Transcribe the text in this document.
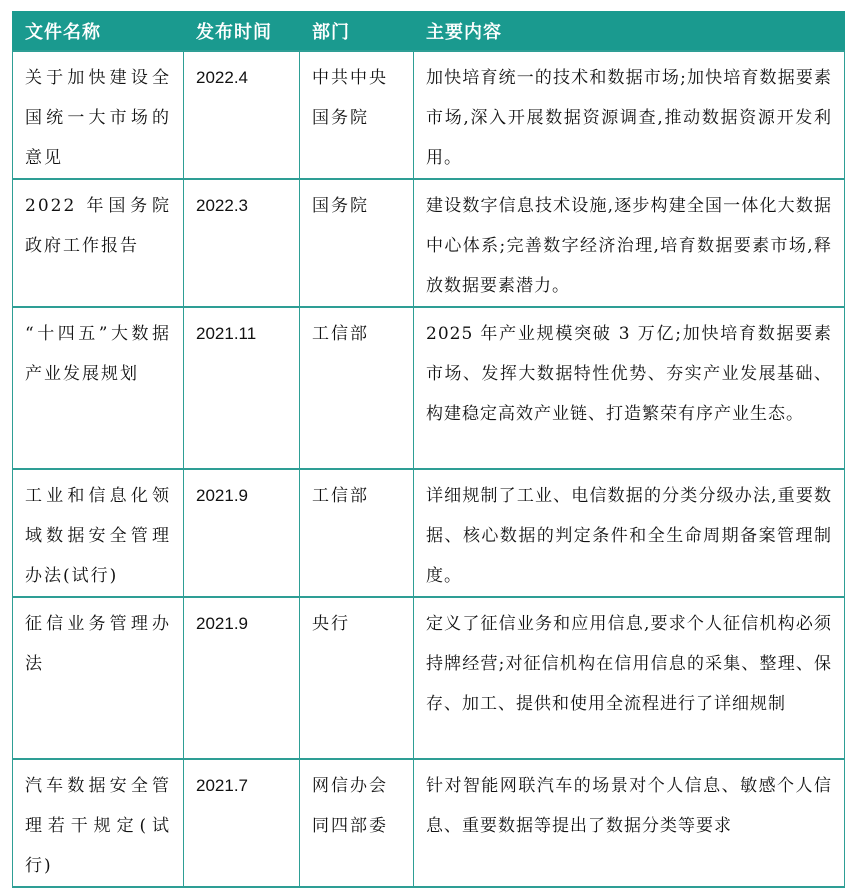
文件名称	发布时间	部门	主要内容
关于加快建设全国统一大市场的意见	2022.4	中共中央国务院	加快培育统一的技术和数据市场;加快培育数据要素市场,深入开展数据资源调查,推动数据资源开发利用。
2022 年国务院政府工作报告	2022.3	国务院	建设数字信息技术设施,逐步构建全国一体化大数据中心体系;完善数字经济治理,培育数据要素市场,释放数据要素潜力。
“十四五”大数据产业发展规划	2021.11	工信部	2025 年产业规模突破 3 万亿;加快培育数据要素市场、发挥大数据特性优势、夯实产业发展基础、构建稳定高效产业链、打造繁荣有序产业生态。
工业和信息化领域数据安全管理办法(试行)	2021.9	工信部	详细规制了工业、电信数据的分类分级办法,重要数据、核心数据的判定条件和全生命周期备案管理制度。
征信业务管理办法	2021.9	央行	定义了征信业务和应用信息,要求个人征信机构必须持牌经营;对征信机构在信用信息的采集、整理、保存、加工、提供和使用全流程进行了详细规制
汽车数据安全管理若干规定(试行)	2021.7	网信办会同四部委	针对智能网联汽车的场景对个人信息、敏感个人信息、重要数据等提出了数据分类等要求
